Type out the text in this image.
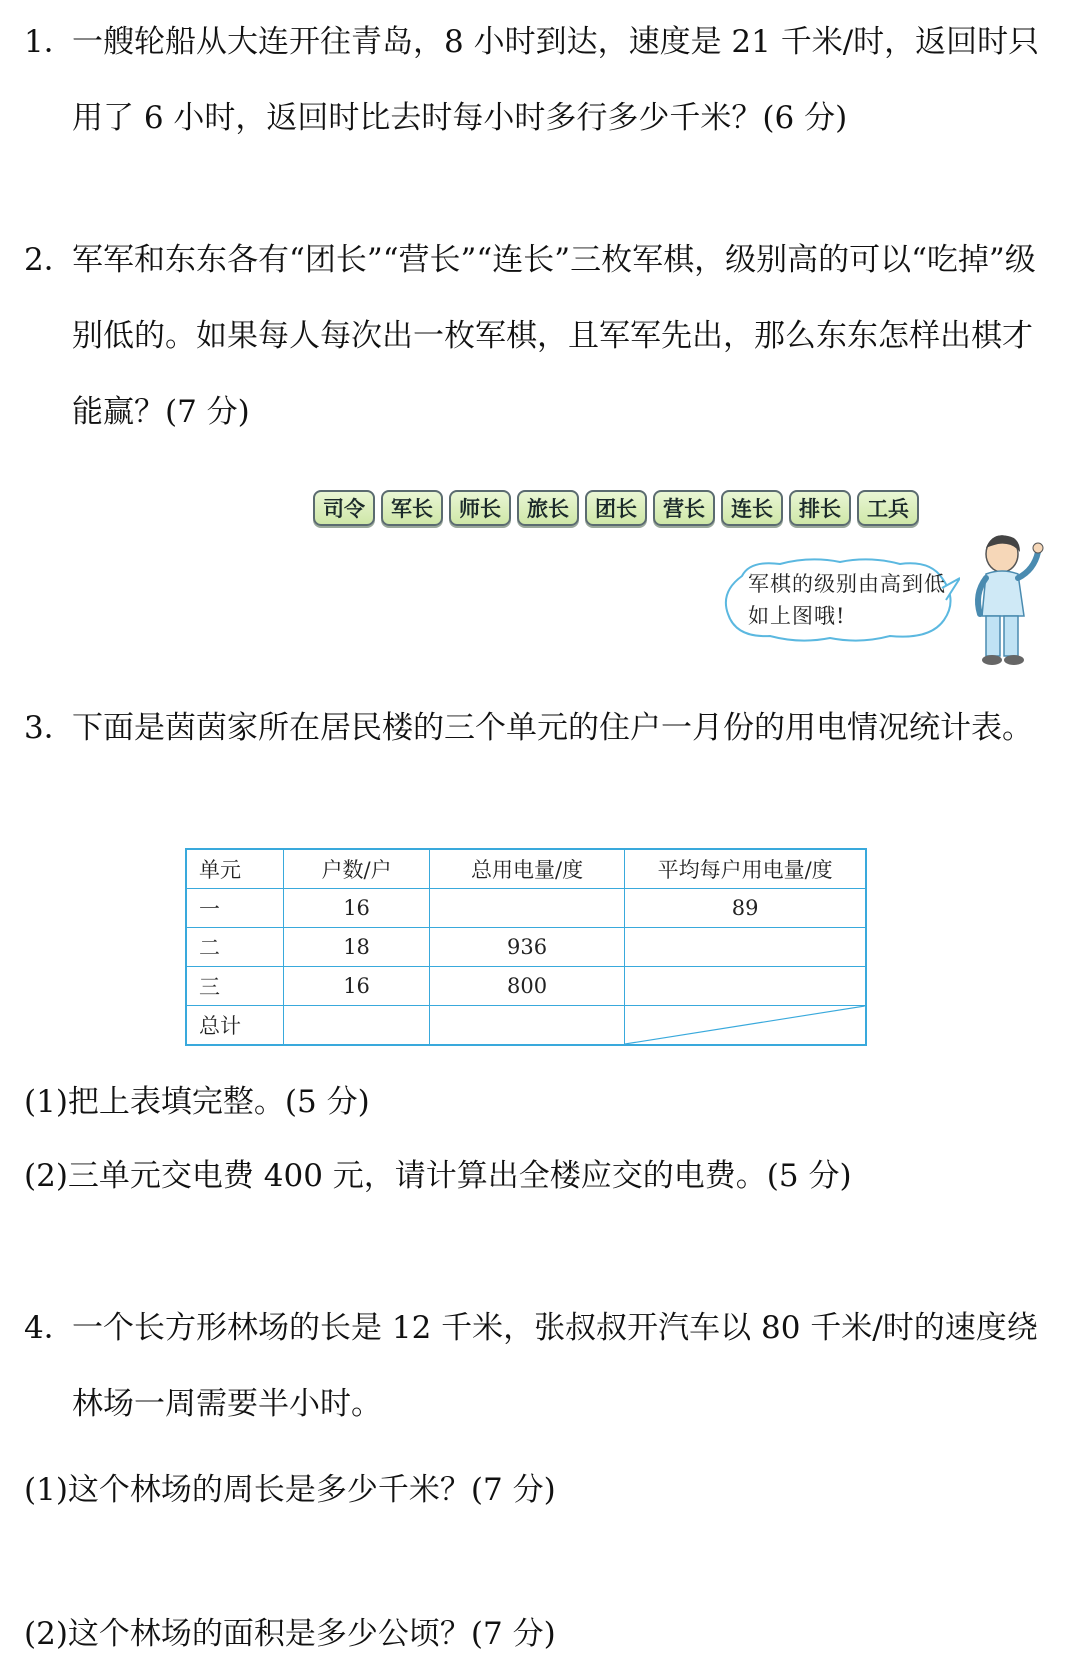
1．
一艘轮船从大连开往青岛，8 小时到达，速度是 21 千米/时，返回时只用了 6 小时，返回时比去时每小时多行多少千米？(6 分)
2．
军军和东东各有“团长”“营长”“连长”三枚军棋，级别高的可以“吃掉”级别低的。如果每人每次出一枚军棋，且军军先出，那么东东怎样出棋才能赢？(7 分)
司令	军长	师长	旅长	团长	营长	连长	排长	工兵
军棋的级别由高到低如上图哦!
3．
下面是茵茵家所在居民楼的三个单元的住户一月份的用电情况统计表。
单元	户数/户	总用电量/度	平均每户用电量/度
一	16		89
二	18	936	
三	16	800	
总计			
(1)把上表填完整。(5 分)
(2)三单元交电费 400 元，请计算出全楼应交的电费。(5 分)
4．
一个长方形林场的长是 12 千米，张叔叔开汽车以 80 千米/时的速度绕林场一周需要半小时。
(1)这个林场的周长是多少千米？(7 分)
(2)这个林场的面积是多少公顷？(7 分)
